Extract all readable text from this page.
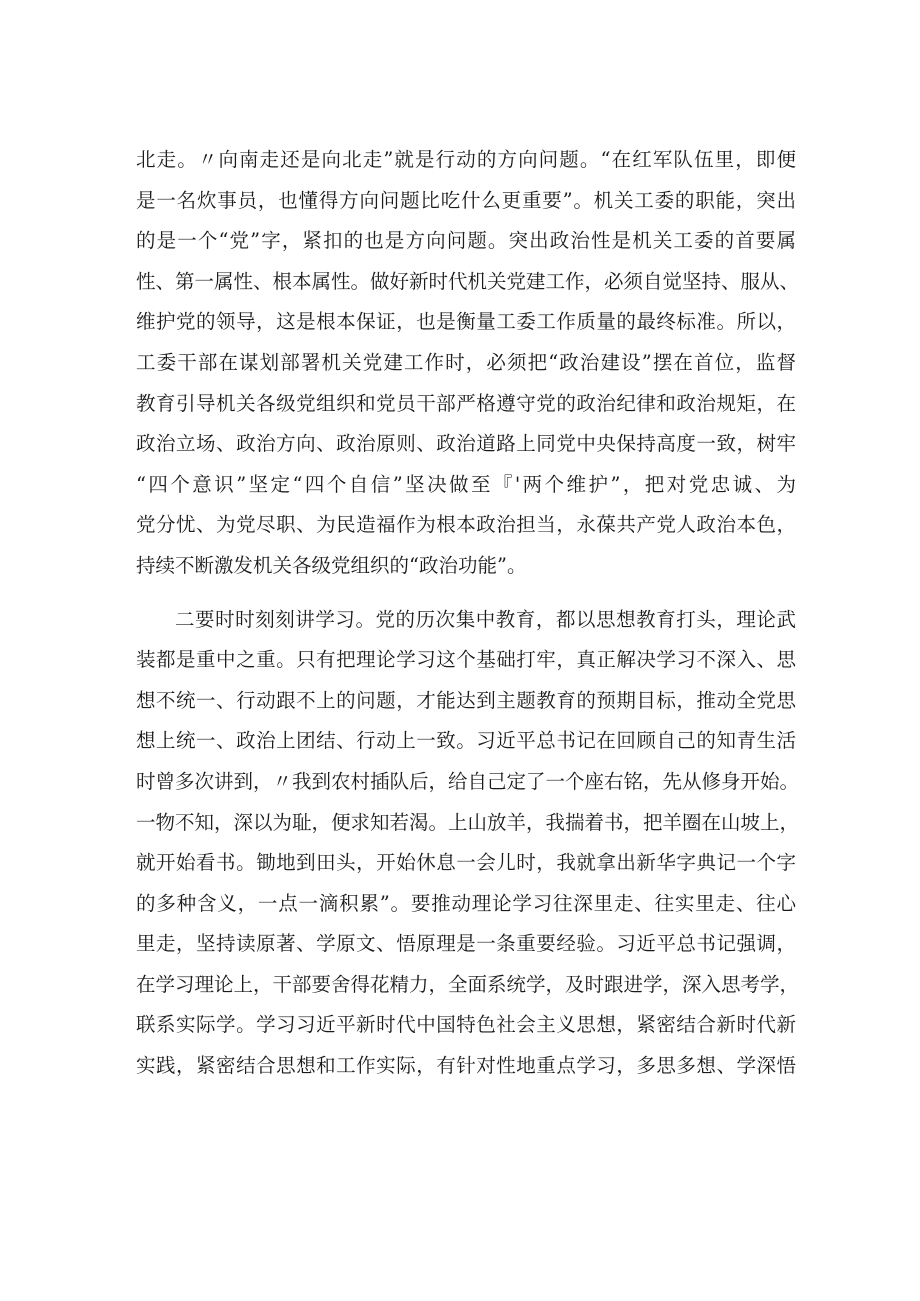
北走。〃向南走还是向北走”就是行动的方向问题。“在红军队伍里，即便
是一名炊事员，也懂得方向问题比吃什么更重要”。机关工委的职能，突出
的是一个“党”字，紧扣的也是方向问题。突出政治性是机关工委的首要属
性、第一属性、根本属性。做好新时代机关党建工作，必须自觉坚持、服从、
维护党的领导，这是根本保证，也是衡量工委工作质量的最终标准。所以，
工委干部在谋划部署机关党建工作时，必须把“政治建设”摆在首位，监督
教育引导机关各级党组织和党员干部严格遵守党的政治纪律和政治规矩，在
政治立场、政治方向、政治原则、政治道路上同党中央保持高度一致，树牢
“四个意识”坚定“四个自信”坚决做至『'两个维护”，把对党忠诚、为
党分忧、为党尽职、为民造福作为根本政治担当，永葆共产党人政治本色，
持续不断激发机关各级党组织的“政治功能”。
二要时时刻刻讲学习。党的历次集中教育，都以思想教育打头，理论武
装都是重中之重。只有把理论学习这个基础打牢，真正解决学习不深入、思
想不统一、行动跟不上的问题，才能达到主题教育的预期目标，推动全党思
想上统一、政治上团结、行动上一致。习近平总书记在回顾自己的知青生活
时曾多次讲到，〃我到农村插队后，给自己定了一个座右铭，先从修身开始。
一物不知，深以为耻，便求知若渴。上山放羊，我揣着书，把羊圈在山坡上，
就开始看书。锄地到田头，开始休息一会儿时，我就拿出新华字典记一个字
的多种含义，一点一滴积累”。要推动理论学习往深里走、往实里走、往心
里走，坚持读原著、学原文、悟原理是一条重要经验。习近平总书记强调，
在学习理论上，干部要舍得花精力，全面系统学，及时跟进学，深入思考学，
联系实际学。学习习近平新时代中国特色社会主义思想，紧密结合新时代新
实践，紧密结合思想和工作实际，有针对性地重点学习，多思多想、学深悟
